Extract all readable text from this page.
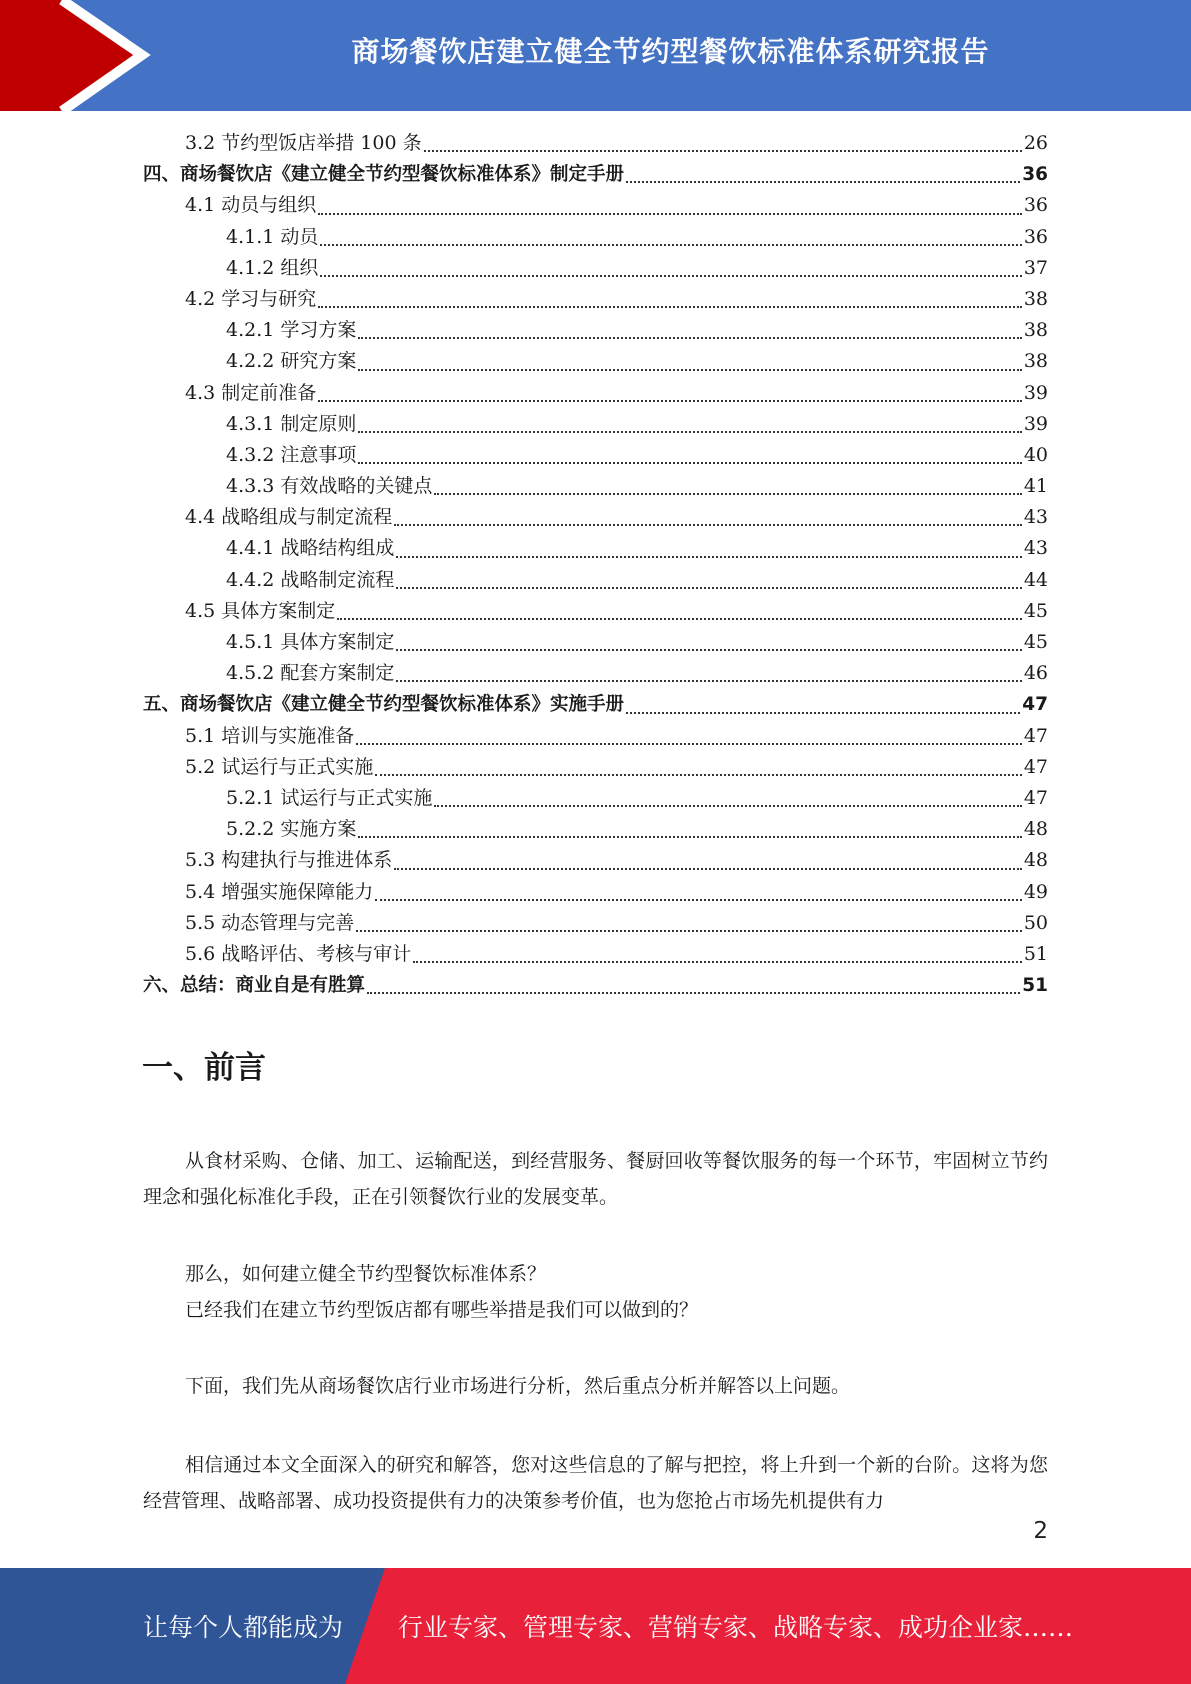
商场餐饮店建立健全节约型餐饮标准体系研究报告
3.2 节约型饭店举措 100 条	26
四、商场餐饮店《建立健全节约型餐饮标准体系》制定手册	36
4.1 动员与组织	36
4.1.1 动员	36
4.1.2 组织	37
4.2 学习与研究	38
4.2.1 学习方案	38
4.2.2 研究方案	38
4.3 制定前准备	39
4.3.1 制定原则	39
4.3.2 注意事项	40
4.3.3 有效战略的关键点	41
4.4 战略组成与制定流程	43
4.4.1 战略结构组成	43
4.4.2 战略制定流程	44
4.5 具体方案制定	45
4.5.1 具体方案制定	45
4.5.2 配套方案制定	46
五、商场餐饮店《建立健全节约型餐饮标准体系》实施手册	47
5.1 培训与实施准备	47
5.2 试运行与正式实施	47
5.2.1 试运行与正式实施	47
5.2.2 实施方案	48
5.3 构建执行与推进体系	48
5.4 增强实施保障能力	49
5.5 动态管理与完善	50
5.6 战略评估、考核与审计	51
六、总结：商业自是有胜算	51
一、前言

从食材采购、仓储、加工、运输配送，到经营服务、餐厨回收等餐饮服务的每一个环节，牢固树立节约理念和强化标准化手段，正在引领餐饮行业的发展变革。

那么，如何建立健全节约型餐饮标准体系？
已经我们在建立节约型饭店都有哪些举措是我们可以做到的？

下面，我们先从商场餐饮店行业市场进行分析，然后重点分析并解答以上问题。

相信通过本文全面深入的研究和解答，您对这些信息的了解与把控，将上升到一个新的台阶。这将为您经营管理、战略部署、成功投资提供有力的决策参考价值，也为您抢占市场先机提供有力

2
让每个人都能成为 行业专家、管理专家、营销专家、战略专家、成功企业家……
